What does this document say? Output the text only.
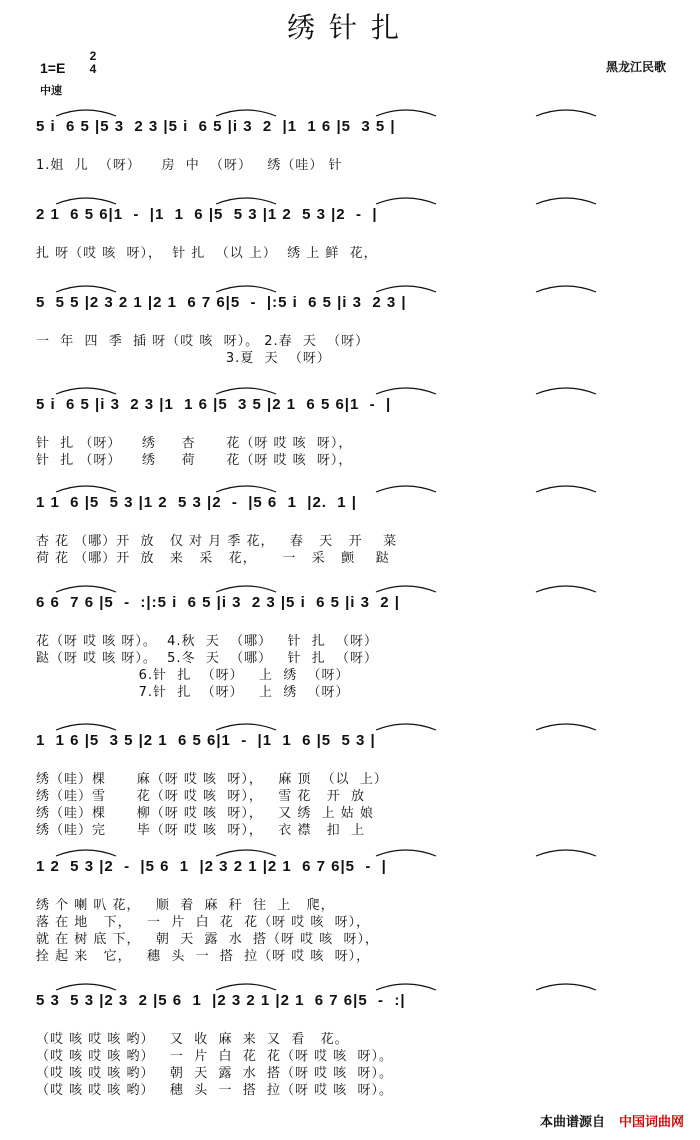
绣针扎
1=E
2
4
中速
黑龙江民歌
5 i  6 5 |5 3  2 3 |5 i  6 5 |i 3  2  |1  1 6 |5  3 5 |
1.姐  儿  （呀）    房  中  （呀）   绣（哇） 针
2 1  6 5 6|1  -  |1  1  6 |5  5 3 |1 2  5 3 |2  -  |
扎 呀（哎 咳  呀），  针 扎  （以 上）  绣 上 鲜  花，
5  5 5 |2 3 2 1 |2 1  6 7 6|5  -  |:5 i  6 5 |i 3  2 3 |
一  年  四  季  插 呀（哎 咳  呀）。 2.春  天  （呀）
3.夏  天  （呀）
5 i  6 5 |i 3  2 3 |1  1 6 |5  3 5 |2 1  6 5 6|1  -  |
针  扎 （呀）    绣     杏      花（呀 哎 咳  呀），
针  扎 （呀）    绣     荷      花（呀 哎 咳  呀），
1 1  6 |5  5 3 |1 2  5 3 |2  -  |5 6  1  |2.  1 |
杏 花 （哪）开  放   仅 对 月 季 花，   春   天   开    菜
荷 花 （哪）开  放   来   采   花，     一   采   颤    跶
6 6  7 6 |5  -  :|:5 i  6 5 |i 3  2 3 |5 i  6 5 |i 3  2 |
花（呀 哎 咳 呀）。  4.秋  天  （哪）   针  扎  （呀）
跶（呀 哎 咳 呀）。  5.冬  天  （哪）   针  扎  （呀）
6.针  扎  （呀）   上  绣  （呀）
7.针  扎  （呀）   上  绣  （呀）
1  1 6 |5  3 5 |2 1  6 5 6|1  -  |1  1  6 |5  5 3 |
绣（哇）棵      麻（呀 哎 咳  呀），   麻 顶  （以  上）
绣（哇）雪      花（呀 哎 咳  呀），   雪 花   开  放
绣（哇）棵      柳（呀 哎 咳  呀），   又 绣  上 姑 娘
绣（哇）完      毕（呀 哎 咳  呀），   衣 襟   扣  上
1 2  5 3 |2  -  |5 6  1  |2 3 2 1 |2 1  6 7 6|5  -  |
绣 个 喇 叭 花，   顺  着  麻  秆  往  上   爬，
落 在 地   下，   一  片  白  花  花（呀 哎 咳  呀），
就 在 树 底 下，   朝  天  露  水  搭（呀 哎 咳  呀），
拴 起 来   它，   穗  头  一  搭  拉（呀 哎 咳  呀），
5 3  5 3 |2 3  2 |5 6  1  |2 3 2 1 |2 1  6 7 6|5  -  :|
（哎 咳 哎 咳 哟）   又  收  麻  来  又  看   花。
（哎 咳 哎 咳 哟）   一  片  白  花  花（呀 哎 咳  呀）。
（哎 咳 哎 咳 哟）   朝  天  露  水  搭（呀 哎 咳  呀）。
（哎 咳 哎 咳 哟）   穗  头  一  搭  拉（呀 哎 咳  呀）。
本曲谱源自 中国词曲网
